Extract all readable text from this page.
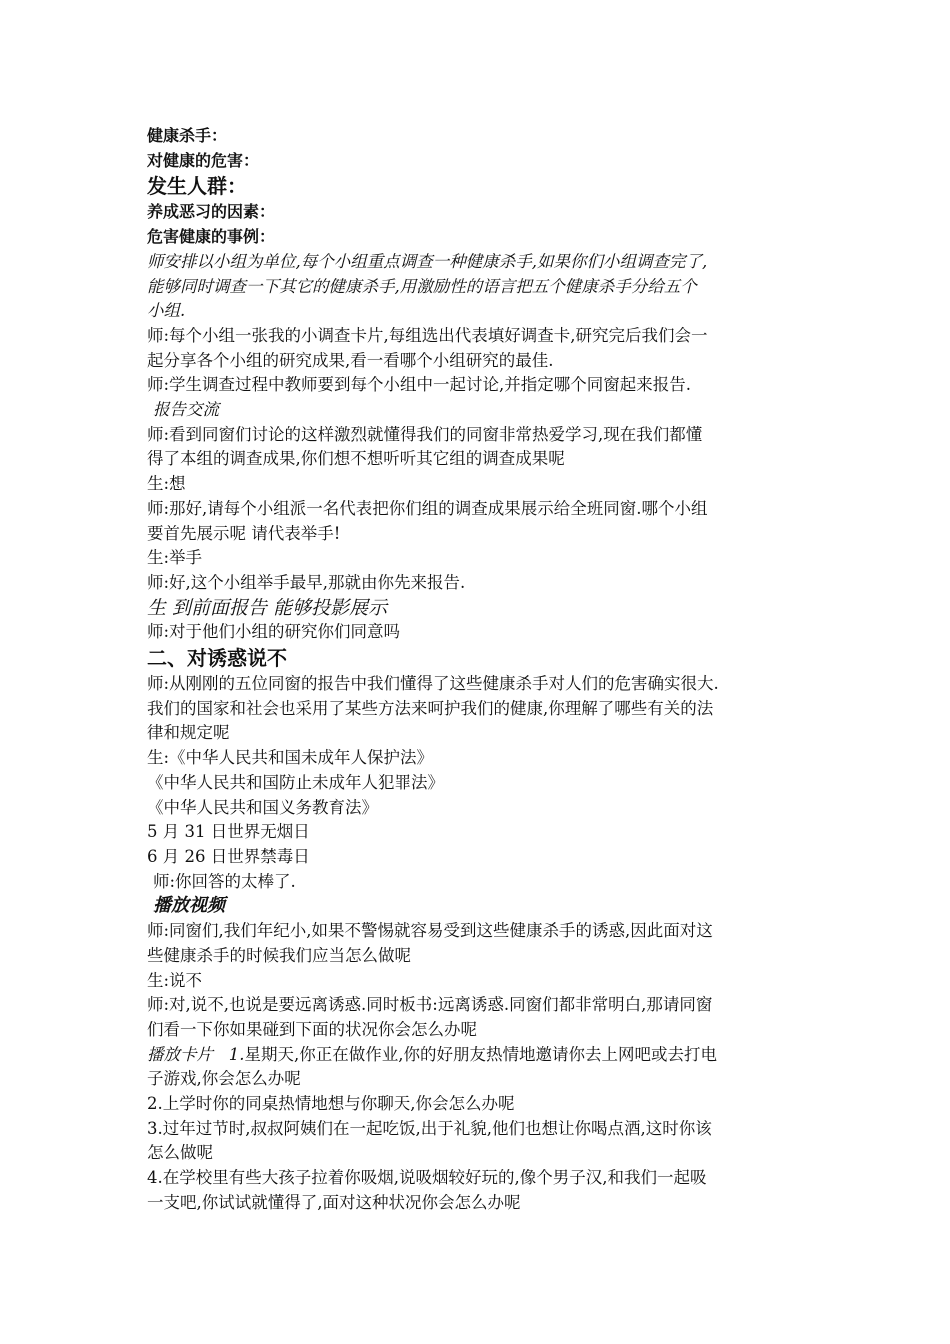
健康杀手：
对健康的危害：
发生人群：
养成恶习的因素：
危害健康的事例：
师安排以小组为单位,每个小组重点调查一种健康杀手,如果你们小组调查完了,
能够同时调查一下其它的健康杀手,用激励性的语言把五个健康杀手分给五个
小组.
师:每个小组一张我的小调查卡片,每组选出代表填好调查卡,研究完后我们会一
起分享各个小组的研究成果,看一看哪个小组研究的最佳.
师:学生调查过程中教师要到每个小组中一起讨论,并指定哪个同窗起来报告.
报告交流
师:看到同窗们讨论的这样激烈就懂得我们的同窗非常热爱学习,现在我们都懂
得了本组的调查成果,你们想不想听听其它组的调查成果呢
生:想
师:那好,请每个小组派一名代表把你们组的调查成果展示给全班同窗.哪个小组
要首先展示呢 请代表举手!
生:举手
师:好,这个小组举手最早,那就由你先来报告.
生 到前面报告 能够投影展示
师:对于他们小组的研究你们同意吗
二、对诱惑说不
师:从刚刚的五位同窗的报告中我们懂得了这些健康杀手对人们的危害确实很大.
我们的国家和社会也采用了某些方法来呵护我们的健康,你理解了哪些有关的法
律和规定呢
生:《中华人民共和国未成年人保护法》
《中华人民共和国防止未成年人犯罪法》
《中华人民共和国义务教育法》
5 月 31 日世界无烟日
6 月 26 日世界禁毒日
师:你回答的太棒了.
播放视频
师:同窗们,我们年纪小,如果不警惕就容易受到这些健康杀手的诱惑,因此面对这
些健康杀手的时候我们应当怎么做呢
生:说不
师:对,说不,也说是要远离诱惑.同时板书:远离诱惑.同窗们都非常明白,那请同窗
们看一下你如果碰到下面的状况你会怎么办呢
播放卡片 1.星期天,你正在做作业,你的好朋友热情地邀请你去上网吧或去打电
子游戏,你会怎么办呢
2.上学时你的同桌热情地想与你聊天,你会怎么办呢
3.过年过节时,叔叔阿姨们在一起吃饭,出于礼貌,他们也想让你喝点酒,这时你该
怎么做呢
4.在学校里有些大孩子拉着你吸烟,说吸烟较好玩的,像个男子汉,和我们一起吸
一支吧,你试试就懂得了,面对这种状况你会怎么办呢
